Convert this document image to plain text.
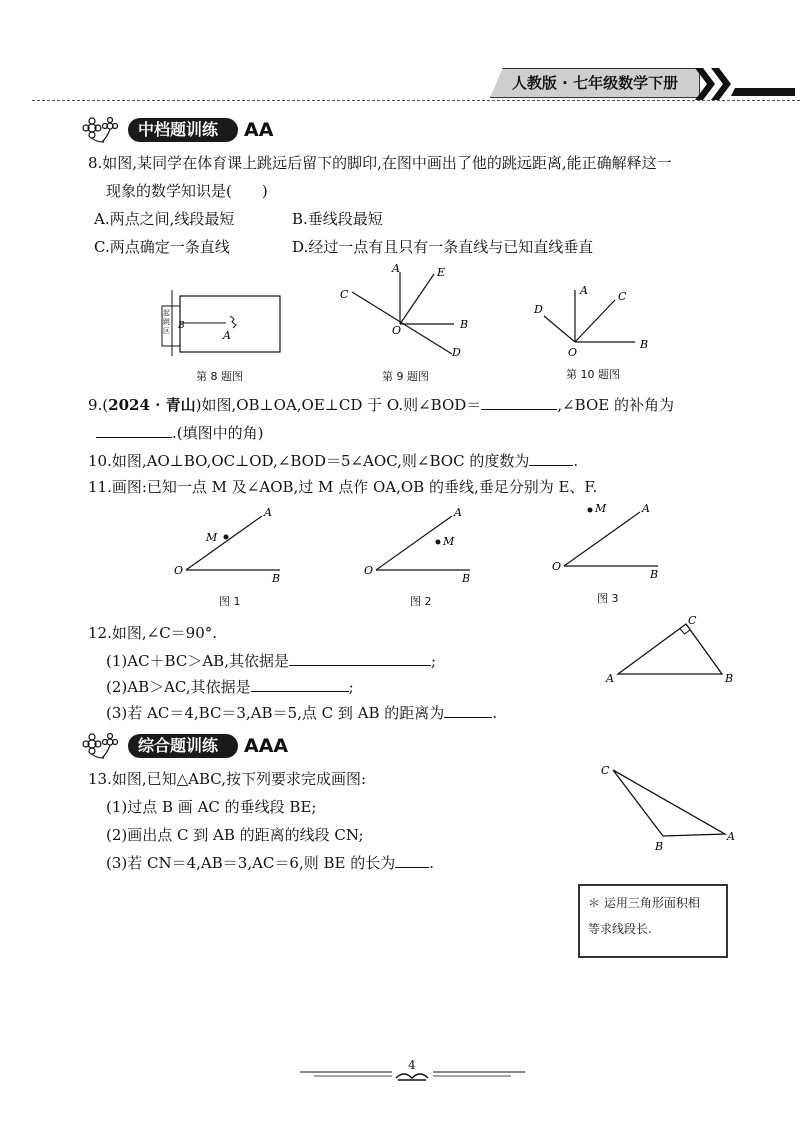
人教版 · 七年级数学下册
中档题训练	AA
8.如图,某同学在体育课上跳远后留下的脚印,在图中画出了他的跳远距离,能正确解释这一
现象的数学知识是(　　)
A.两点之间,线段最短	B.垂线段最短
C.两点确定一条直线	D.经过一点有且只有一条直线与已知直线垂直
B
A
起跳区
第 8 题图
A	E
C
B
D
O
第 9 题图
A	C
D
B
O
第 10 题图
9.(2024 · 青山)如图,OB⊥OA,OE⊥CD 于 O.则∠BOD＝	,∠BOE 的补角为
.(填图中的角)
10.如图,AO⊥BO,OC⊥OD,∠BOD＝5∠AOC,则∠BOC 的度数为	.
11.画图:已知一点 M 及∠AOB,过 M 点作 OA,OB 的垂线,垂足分别为 E、F.
M
A
O
B
图 1
M
A
O
B
图 2
M	A
O
B
图 3
12.如图,∠C＝90°.
(1)AC＋BC＞AB,其依据是	;
(2)AB＞AC,其依据是	;
(3)若 AC＝4,BC＝3,AB＝5,点 C 到 AB 的距离为	.
C
A	B
综合题训练	AAA
13.如图,已知△ABC,按下列要求完成画图:
(1)过点 B 画 AC 的垂线段 BE;
(2)画出点 C 到 AB 的距离的线段 CN;
(3)若 CN＝4,AB＝3,AC＝6,则 BE 的长为 .
C
B
A
＊ 运用三角形面积相
等求线段长.
4
